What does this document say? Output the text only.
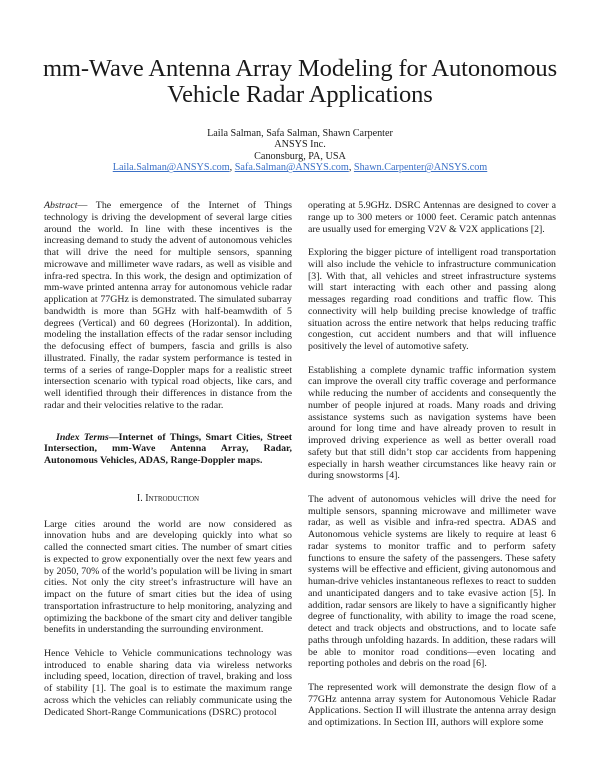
mm-Wave Antenna Array Modeling for Autonomous
Vehicle Radar Applications
Laila Salman, Safa Salman, Shawn Carpenter
ANSYS Inc.
Canonsburg, PA, USA
Laila.Salman@ANSYS.com, Safa.Salman@ANSYS.com, Shawn.Carpenter@ANSYS.com

Abstract— The emergence of the Internet of Things technology is driving the development of several large cities around the world. In line with these incentives is the increasing demand to study the advent of autonomous vehicles that will drive the need for multiple sensors, spanning microwave and millimeter wave radars, as well as visible and infra-red spectra. In this work, the design and optimization of mm-wave printed antenna array for autonomous vehicle radar application at 77GHz is demonstrated. The simulated subarray bandwidth is more than 5GHz with half-beamwdith of 5 degrees (Vertical) and 60 degrees (Horizontal). In addition, modeling the installation effects of the radar sensor including the defocusing effect of bumpers, fascia and grills is also illustrated. Finally, the radar system performance is tested in terms of a series of range-Doppler maps for a realistic street intersection scenario with typical road objects, like cars, and well identified through their differences in distance from the radar and their velocities relative to the radar.

Index Terms—Internet of Things, Smart Cities, Street Intersection, mm-Wave Antenna Array, Radar, Autonomous Vehicles, ADAS, Range-Doppler maps.

I. Introduction

Large cities around the world are now considered as innovation hubs and are developing quickly into what so called the connected smart cities. The number of smart cities is expected to grow exponentially over the next few years and by 2050, 70% of the world’s population will be living in smart cities. Not only the city street’s infrastructure will have an impact on the future of smart cities but the idea of using transportation infrastructure to help monitoring, analyzing and optimizing the backbone of the smart city and deliver tangible benefits in understanding the surrounding environment.

Hence Vehicle to Vehicle communications technology was introduced to enable sharing data via wireless networks including speed, location, direction of travel, braking and loss of stability [1]. The goal is to estimate the maximum range across which the vehicles can reliably communicate using the Dedicated Short-Range Communications (DSRC) protocol

operating at 5.9GHz. DSRC Antennas are designed to cover a range up to 300 meters or 1000 feet. Ceramic patch antennas are usually used for emerging V2V & V2X applications [2].

Exploring the bigger picture of intelligent road transportation will also include the vehicle to infrastructure communication [3]. With that, all vehicles and street infrastructure systems will start interacting with each other and passing along messages regarding road conditions and traffic flow. This connectivity will help building precise knowledge of traffic situation across the entire network that helps reducing traffic congestion, cut accident numbers and that will influence positively the level of automotive safety.

Establishing a complete dynamic traffic information system can improve the overall city traffic coverage and performance while reducing the number of accidents and consequently the number of people injured at roads. Many roads and driving assistance systems such as navigation systems have been around for long time and have already proven to result in improved driving experience as well as better overall road safety but that still didn’t stop car accidents from happening especially in harsh weather circumstances like heavy rain or during snowstorms [4].

The advent of autonomous vehicles will drive the need for multiple sensors, spanning microwave and millimeter wave radar, as well as visible and infra-red spectra. ADAS and Autonomous vehicle systems are likely to require at least 6 radar systems to monitor traffic and to perform safety functions to ensure the safety of the passengers. These safety systems will be effective and efficient, giving autonomous and human-drive vehicles instantaneous reflexes to react to sudden and unanticipated dangers and to take evasive action [5]. In addition, radar sensors are likely to have a significantly higher degree of functionality, with ability to image the road scene, detect and track objects and obstructions, and to locate safe paths through unfolding hazards. In addition, these radars will be able to monitor road conditions—even locating and reporting potholes and debris on the road [6].

The represented work will demonstrate the design flow of a 77GHz antenna array system for Autonomous Vehicle Radar Applications. Section II will illustrate the antenna array design and optimizations. In Section III, authors will explore some
